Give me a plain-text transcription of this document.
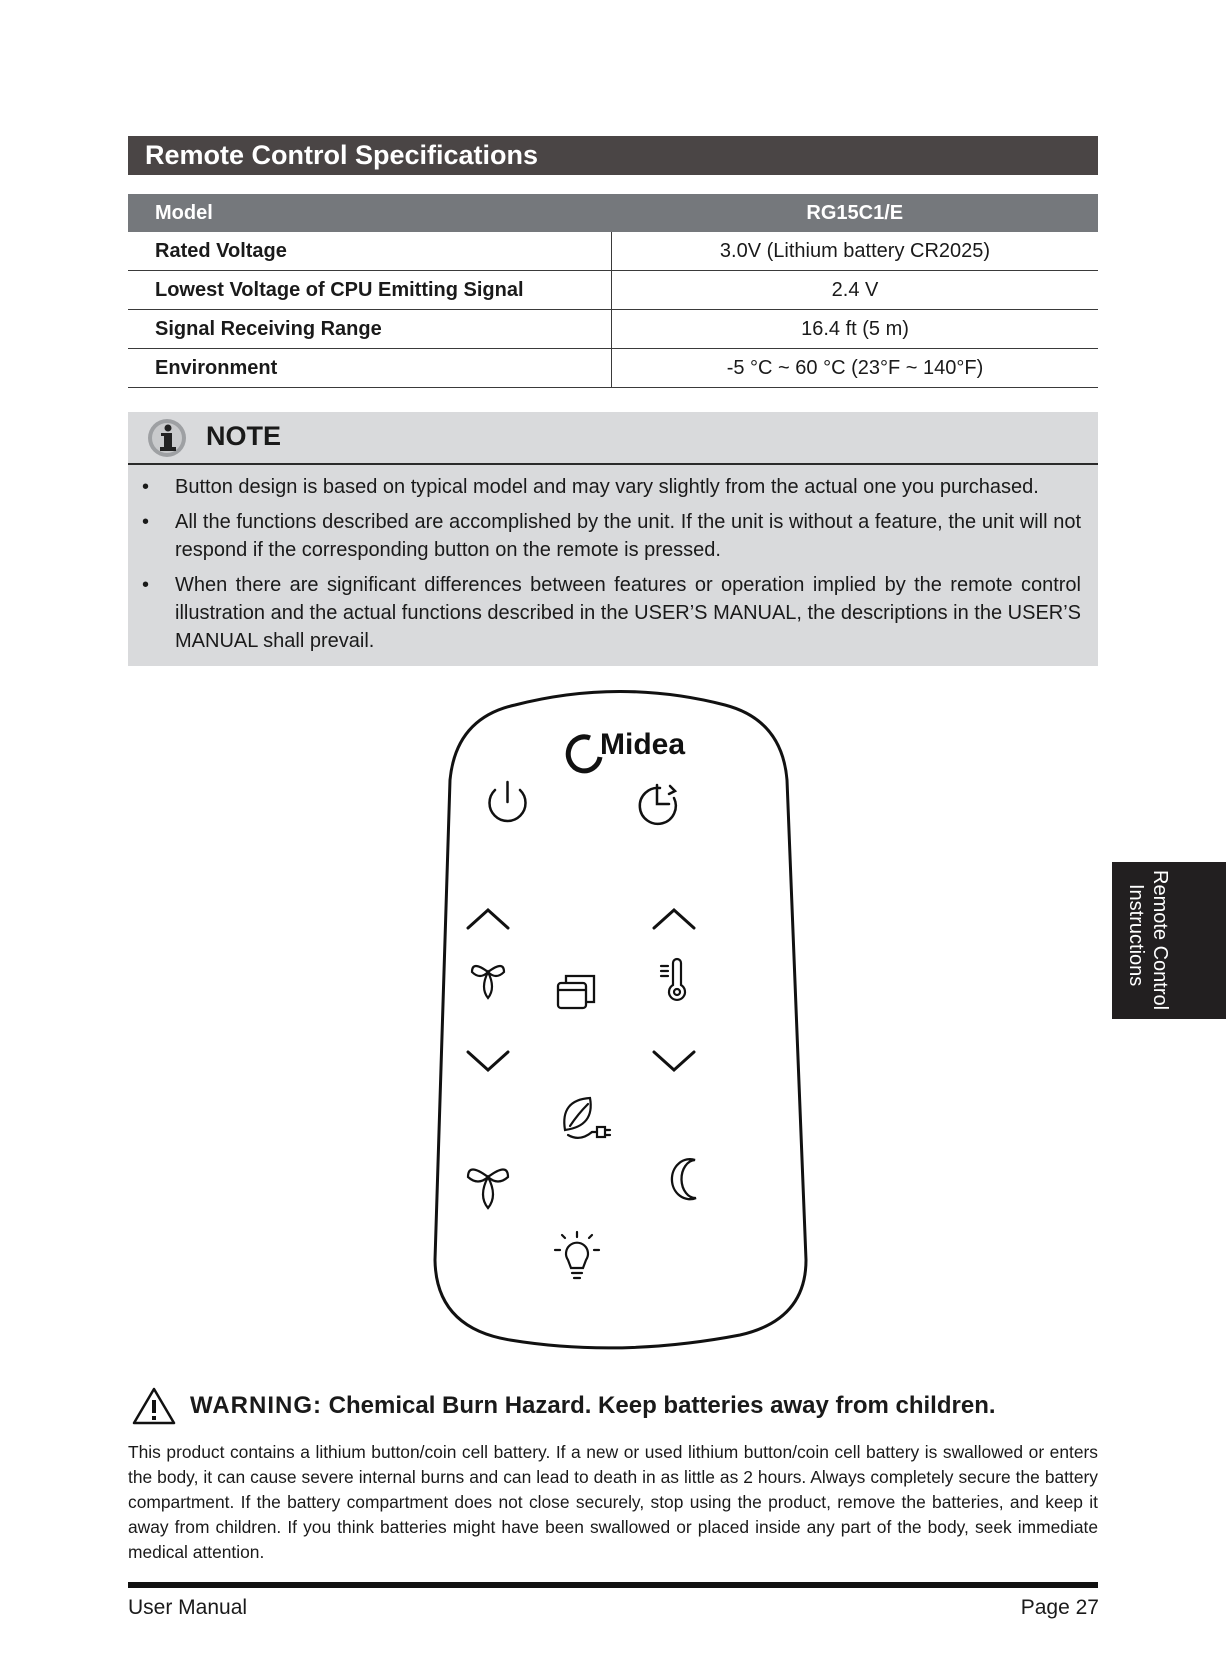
Remote Control Specifications
Model	RG15C1/E
Rated Voltage	3.0V (Lithium battery CR2025)
Lowest Voltage of CPU Emitting Signal	2.4 V
Signal Receiving Range	16.4 ft (5 m)
Environment	-5 °C ~ 60 °C (23°F ~ 140°F)
NOTE
• Button design is based on typical model and may vary slightly from the actual one you purchased.
• All the functions described are accomplished by the unit. If the unit is without a feature, the unit will not respond if the corresponding button on the remote is pressed.
• When there are significant differences between features or operation implied by the remote control illustration and the actual functions described in the USER’S MANUAL, the descriptions in the USER’S MANUAL shall prevail.
Midea
WARNING: Chemical Burn Hazard. Keep batteries away from children.
This product contains a lithium button/coin cell battery. If a new or used lithium button/coin cell battery is swallowed or enters the body, it can cause severe internal burns and can lead to death in as little as 2 hours. Always completely secure the battery compartment. If the battery compartment does not close securely, stop using the product, remove the batteries, and keep it away from children. If you think batteries might have been swallowed or placed inside any part of the body, seek immediate medical attention.
Remote Control
Instructions
User Manual	Page 27
